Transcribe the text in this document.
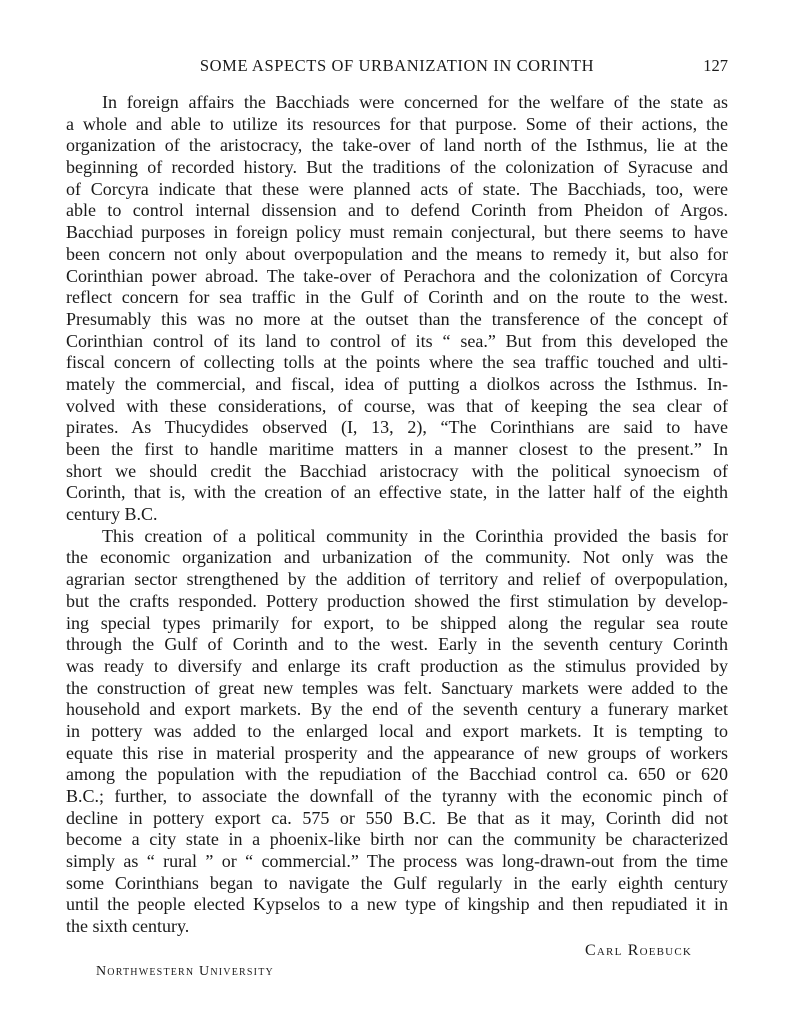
SOME ASPECTS OF URBANIZATION IN CORINTH	127
In foreign affairs the Bacchiads were concerned for the welfare of the state as
a whole and able to utilize its resources for that purpose. Some of their actions, the
organization of the aristocracy, the take-over of land north of the Isthmus, lie at the
beginning of recorded history. But the traditions of the colonization of Syracuse and
of Corcyra indicate that these were planned acts of state. The Bacchiads, too, were
able to control internal dissension and to defend Corinth from Pheidon of Argos.
Bacchiad purposes in foreign policy must remain conjectural, but there seems to have
been concern not only about overpopulation and the means to remedy it, but also for
Corinthian power abroad. The take-over of Perachora and the colonization of Corcyra
reflect concern for sea traffic in the Gulf of Corinth and on the route to the west.
Presumably this was no more at the outset than the transference of the concept of
Corinthian control of its land to control of its “ sea.” But from this developed the
fiscal concern of collecting tolls at the points where the sea traffic touched and ulti-
mately the commercial, and fiscal, idea of putting a diolkos across the Isthmus. In-
volved with these considerations, of course, was that of keeping the sea clear of
pirates. As Thucydides observed (I, 13, 2), “The Corinthians are said to have
been the first to handle maritime matters in a manner closest to the present.” In
short we should credit the Bacchiad aristocracy with the political synoecism of
Corinth, that is, with the creation of an effective state, in the latter half of the eighth
century B.C.
This creation of a political community in the Corinthia provided the basis for
the economic organization and urbanization of the community. Not only was the
agrarian sector strengthened by the addition of territory and relief of overpopulation,
but the crafts responded. Pottery production showed the first stimulation by develop-
ing special types primarily for export, to be shipped along the regular sea route
through the Gulf of Corinth and to the west. Early in the seventh century Corinth
was ready to diversify and enlarge its craft production as the stimulus provided by
the construction of great new temples was felt. Sanctuary markets were added to the
household and export markets. By the end of the seventh century a funerary market
in pottery was added to the enlarged local and export markets. It is tempting to
equate this rise in material prosperity and the appearance of new groups of workers
among the population with the repudiation of the Bacchiad control ca. 650 or 620
B.C.; further, to associate the downfall of the tyranny with the economic pinch of
decline in pottery export ca. 575 or 550 B.C. Be that as it may, Corinth did not
become a city state in a phoenix-like birth nor can the community be characterized
simply as “ rural ” or “ commercial.” The process was long-drawn-out from the time
some Corinthians began to navigate the Gulf regularly in the early eighth century
until the people elected Kypselos to a new type of kingship and then repudiated it in
the sixth century.
Carl Roebuck
Northwestern University
